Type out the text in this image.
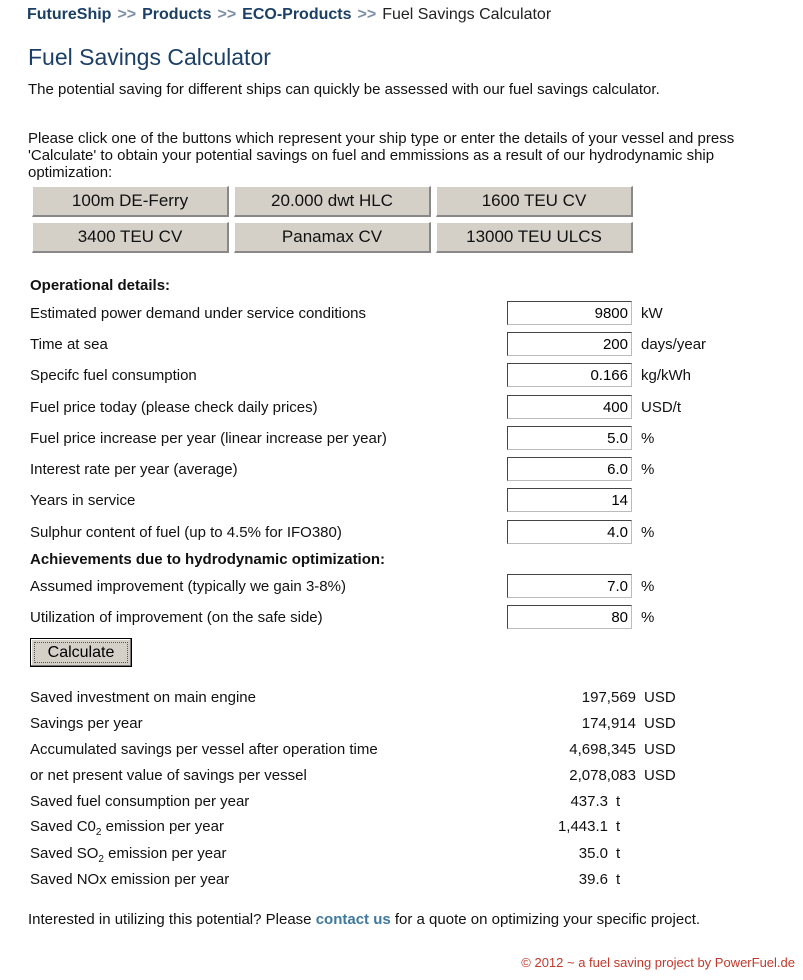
FutureShip >> Products >> ECO-Products >> Fuel Savings Calculator
Fuel Savings Calculator
The potential saving for different ships can quickly be assessed with our fuel savings calculator.
Please click one of the buttons which represent your ship type or enter the details of your vessel and press 'Calculate' to obtain your potential savings on fuel and emmissions as a result of our hydrodynamic ship optimization:
100m DE-Ferry	20.000 dwt HLC	1600 TEU CV
3400 TEU CV	Panamax CV	13000 TEU ULCS
Operational details:
Estimated power demand under service conditions
9800	kW
Time at sea
200	days/year
Specifc fuel consumption
0.166	kg/kWh
Fuel price today (please check daily prices)
400	USD/t
Fuel price increase per year (linear increase per year)
5.0	%
Interest rate per year (average)
6.0	%
Years in service
14
Sulphur content of fuel (up to 4.5% for IFO380)
4.0	%
Achievements due to hydrodynamic optimization:
Assumed improvement (typically we gain 3-8%)
7.0	%
Utilization of improvement (on the safe side)
80	%
Calculate
Saved investment on main engine	197,569 USD
Savings per year	174,914 USD
Accumulated savings per vessel after operation time	4,698,345 USD
or net present value of savings per vessel	2,078,083 USD
Saved fuel consumption per year	437.3 t
Saved $C0_2$ emission per year	1,443.1 t
Saved $SO_2$ emission per year	35.0 t
Saved NOx emission per year	39.6 t
Interested in utilizing this potential? Please contact us for a quote on optimizing your specific project.
© 2012 ~ a fuel saving project by PowerFuel.de
